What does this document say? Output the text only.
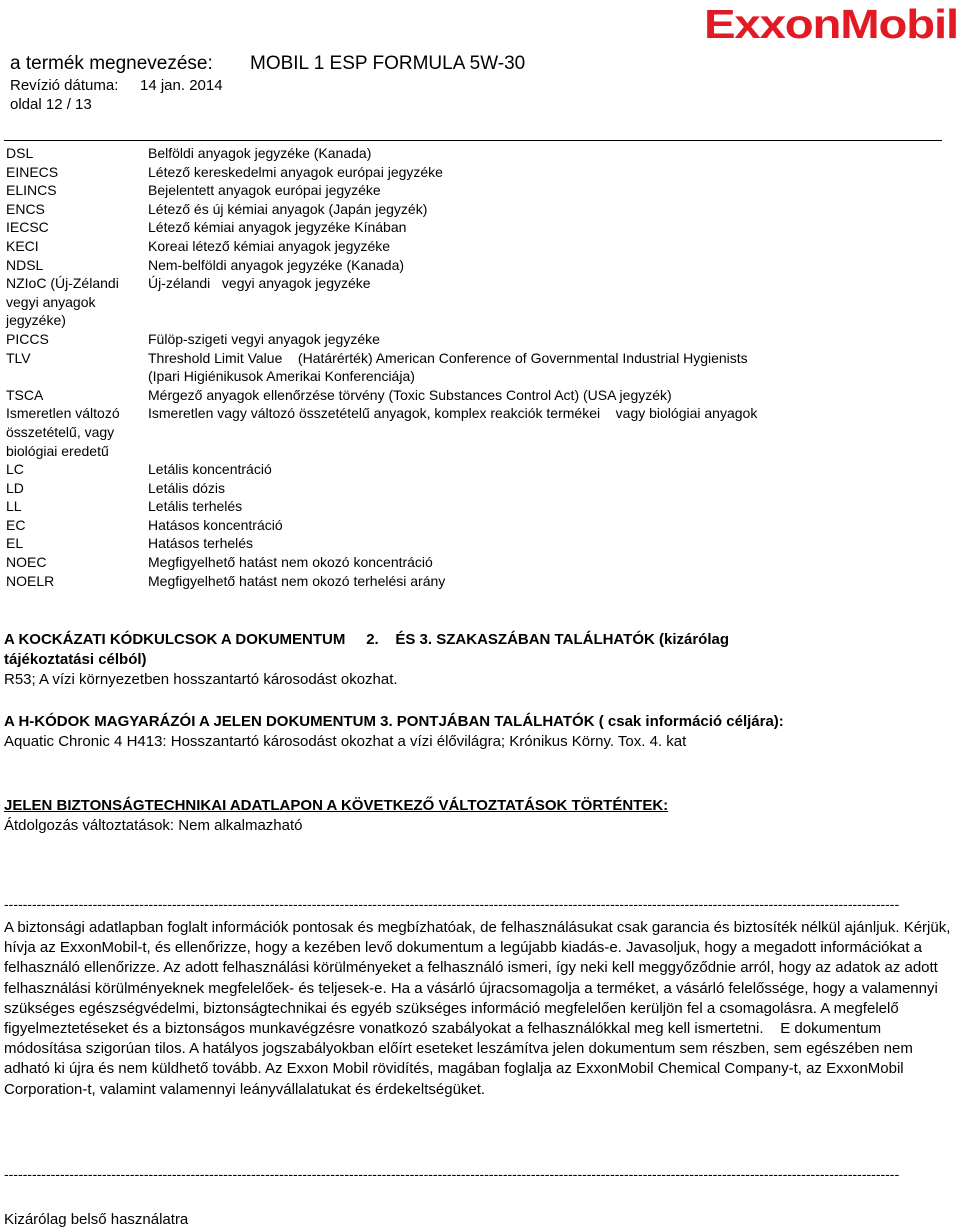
a termék megnevezése: MOBIL 1 ESP FORMULA 5W-30
Revízió dátuma: 14 jan. 2014
oldal 12 / 13
ExxonMobil
DSL	Belföldi anyagok jegyzéke (Kanada)
EINECS	Létező kereskedelmi anyagok európai jegyzéke
ELINCS	Bejelentett anyagok európai jegyzéke
ENCS	Létező és új kémiai anyagok (Japán jegyzék)
IECSC	Létező kémiai anyagok jegyzéke Kínában
KECI	Koreai létező kémiai anyagok jegyzéke
NDSL	Nem-belföldi anyagok jegyzéke (Kanada)
NZIoC (Új-Zélandi	Új-zélandi   vegyi anyagok jegyzéke
vegyi anyagok
jegyzéke)
PICCS	Fülöp-szigeti vegyi anyagok jegyzéke
TLV	Threshold Limit Value    (Határérték) American Conference of Governmental Industrial Hygienists
(Ipari Higiénikusok Amerikai Konferenciája)
TSCA	Mérgező anyagok ellenőrzése törvény (Toxic Substances Control Act) (USA jegyzék)
Ismeretlen változó	Ismeretlen vagy változó összetételű anyagok, komplex reakciók termékei    vagy biológiai anyagok
összetételű, vagy
biológiai eredetű
LC	Letális koncentráció
LD	Letális dózis
LL	Letális terhelés
EC	Hatásos koncentráció
EL	Hatásos terhelés
NOEC	Megfigyelhető hatást nem okozó koncentráció
NOELR	Megfigyelhető hatást nem okozó terhelési arány
A KOCKÁZATI KÓDKULCSOK A DOKUMENTUM     2.    ÉS 3. SZAKASZÁBAN TALÁLHATÓK (kizárólag
tájékoztatási célból)
R53; A vízi környezetben hosszantartó károsodást okozhat.
A H-KÓDOK MAGYARÁZÓI A JELEN DOKUMENTUM 3. PONTJÁBAN TALÁLHATÓK ( csak információ céljára):
Aquatic Chronic 4 H413: Hosszantartó károsodást okozhat a vízi élővilágra; Krónikus Körny. Tox. 4. kat
JELEN BIZTONSÁGTECHNIKAI ADATLAPON A KÖVETKEZŐ VÁLTOZTATÁSOK TÖRTÉNTEK:
Átdolgozás változtatások: Nem alkalmazható
------------------------------------------------------------------------------------------------------------------------------------------------------------------------------------------------
A biztonsági adatlapban foglalt információk pontosak és megbízhatóak, de felhasználásukat csak garancia és biztosíték nélkül ajánljuk. Kérjük, hívja az ExxonMobil-t, és ellenőrizze, hogy a kezében levő dokumentum a legújabb kiadás-e. Javasoljuk, hogy a megadott információkat a felhasználó ellenőrizze. Az adott felhasználási körülményeket a felhasználó ismeri, így neki kell meggyőződnie arról, hogy az adatok az adott felhasználási körülményeknek megfelelőek- és teljesek-e. Ha a vásárló újracsomagolja a terméket, a vásárló felelőssége, hogy a valamennyi szükséges egészségvédelmi, biztonságtechnikai és egyéb szükséges információ megfelelően kerüljön fel a csomagolásra. A megfelelő figyelmeztetéseket és a biztonságos munkavégzésre vonatkozó szabályokat a felhasználókkal meg kell ismertetni.    E dokumentum módosítása szigorúan tilos. A hatályos jogszabályokban előírt eseteket leszámítva jelen dokumentum sem részben, sem egészében nem adható ki újra és nem küldhető tovább. Az Exxon Mobil rövidítés, magában foglalja az ExxonMobil Chemical Company-t, az ExxonMobil Corporation-t, valamint valamennyi leányvállalatukat és érdekeltségüket.
------------------------------------------------------------------------------------------------------------------------------------------------------------------------------------------------
Kizárólag belső használatra
